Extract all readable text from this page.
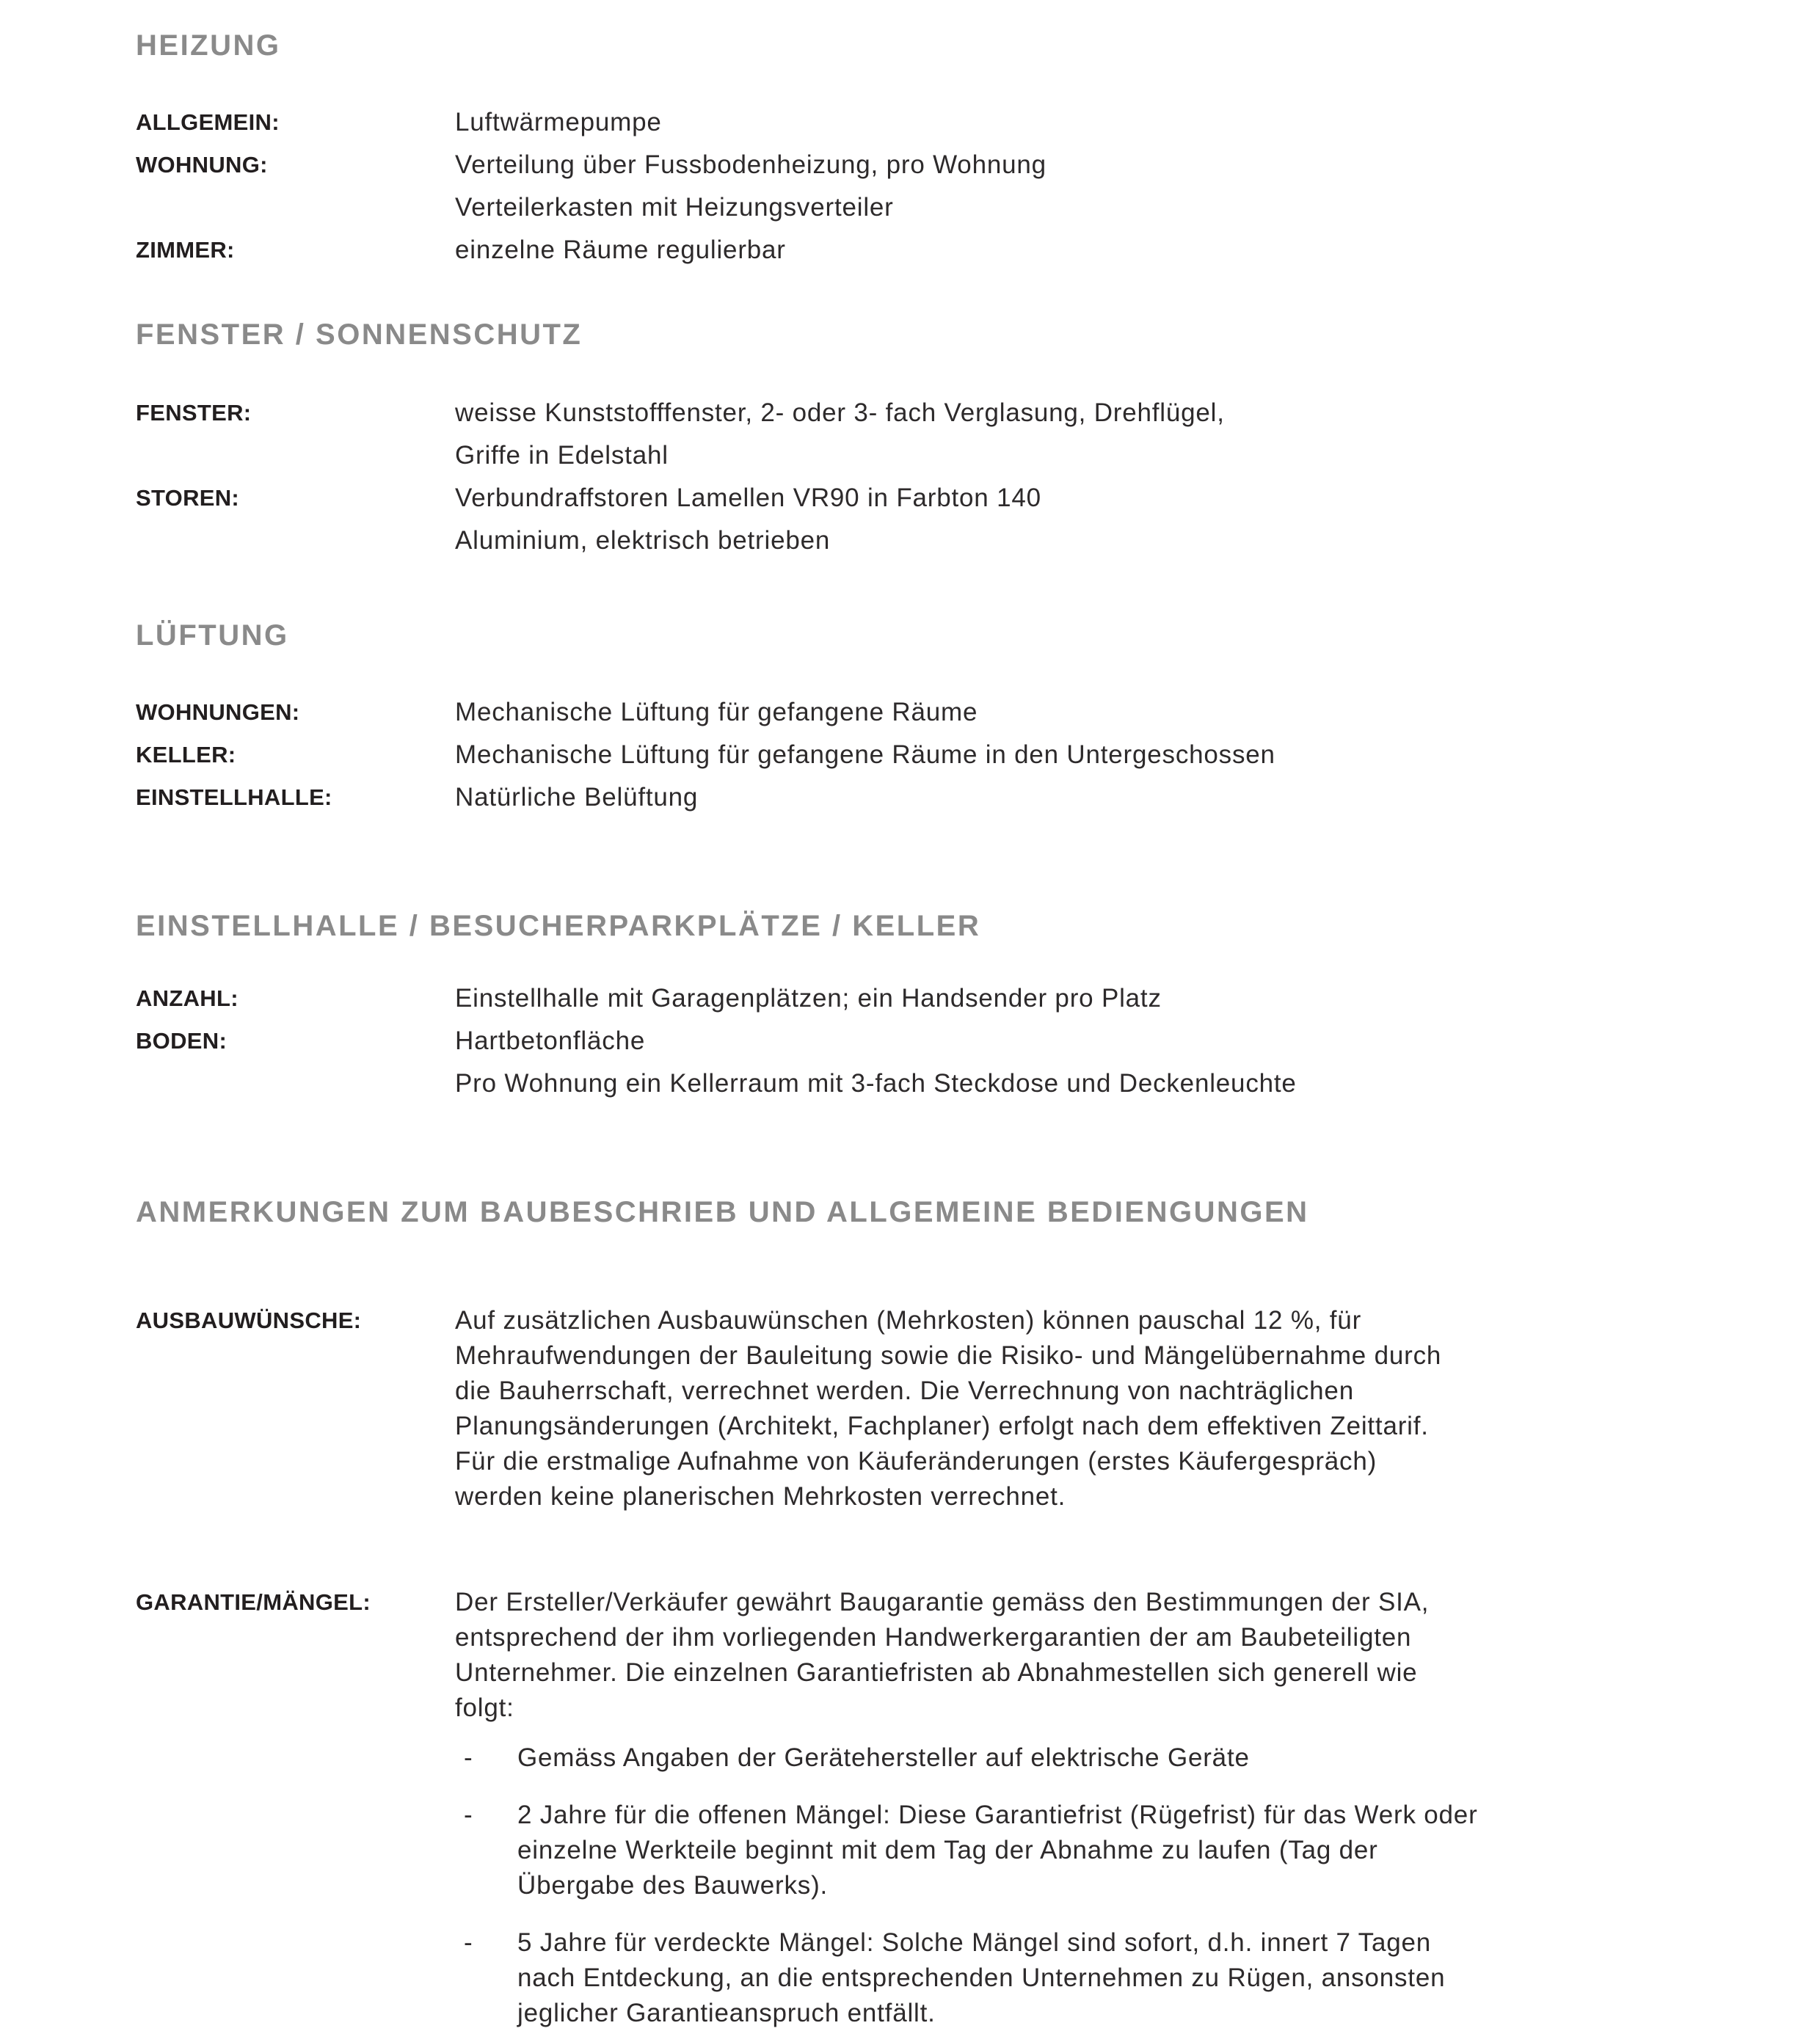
HEIZUNG
ALLGEMEIN:	Luftwärmepumpe
WOHNUNG:	Verteilung über Fussbodenheizung, pro Wohnung
Verteilerkasten mit Heizungsverteiler
ZIMMER:	einzelne Räume regulierbar
FENSTER / SONNENSCHUTZ
FENSTER:	weisse Kunststofffenster, 2- oder 3- fach Verglasung, Drehflügel,
Griffe in Edelstahl
STOREN:	Verbundraffstoren Lamellen VR90 in Farbton 140
Aluminium, elektrisch betrieben
LÜFTUNG
WOHNUNGEN:	Mechanische Lüftung für gefangene Räume
KELLER:	Mechanische Lüftung für gefangene Räume in den Untergeschossen
EINSTELLHALLE:	Natürliche Belüftung
EINSTELLHALLE / BESUCHERPARKPLÄTZE / KELLER
ANZAHL:	Einstellhalle mit Garagenplätzen; ein Handsender pro Platz
BODEN:	Hartbetonfläche
Pro Wohnung ein Kellerraum mit 3-fach Steckdose und Deckenleuchte
ANMERKUNGEN ZUM BAUBESCHRIEB UND ALLGEMEINE BEDIENGUNGEN
AUSBAUWÜNSCHE:	Auf zusätzlichen Ausbauwünschen (Mehrkosten) können pauschal 12 %, für
Mehraufwendungen der Bauleitung sowie die Risiko- und Mängelübernahme durch
die Bauherrschaft, verrechnet werden. Die Verrechnung von nachträglichen
Planungsänderungen (Architekt, Fachplaner) erfolgt nach dem effektiven Zeittarif.
Für die erstmalige Aufnahme von Käuferänderungen (erstes Käufergespräch)
werden keine planerischen Mehrkosten verrechnet.
GARANTIE/MÄNGEL:	Der Ersteller/Verkäufer gewährt Baugarantie gemäss den Bestimmungen der SIA,
entsprechend der ihm vorliegenden Handwerkergarantien der am Baubeteiligten
Unternehmer. Die einzelnen Garantiefristen ab Abnahmestellen sich generell wie
folgt:
-	Gemäss Angaben der Gerätehersteller auf elektrische Geräte
-	2 Jahre für die offenen Mängel: Diese Garantiefrist (Rügefrist) für das Werk oder
einzelne Werkteile beginnt mit dem Tag der Abnahme zu laufen (Tag der
Übergabe des Bauwerks).
-	5 Jahre für verdeckte Mängel: Solche Mängel sind sofort, d.h. innert 7 Tagen
nach Entdeckung, an die entsprechenden Unternehmen zu Rügen, ansonsten
jeglicher Garantieanspruch entfällt.
